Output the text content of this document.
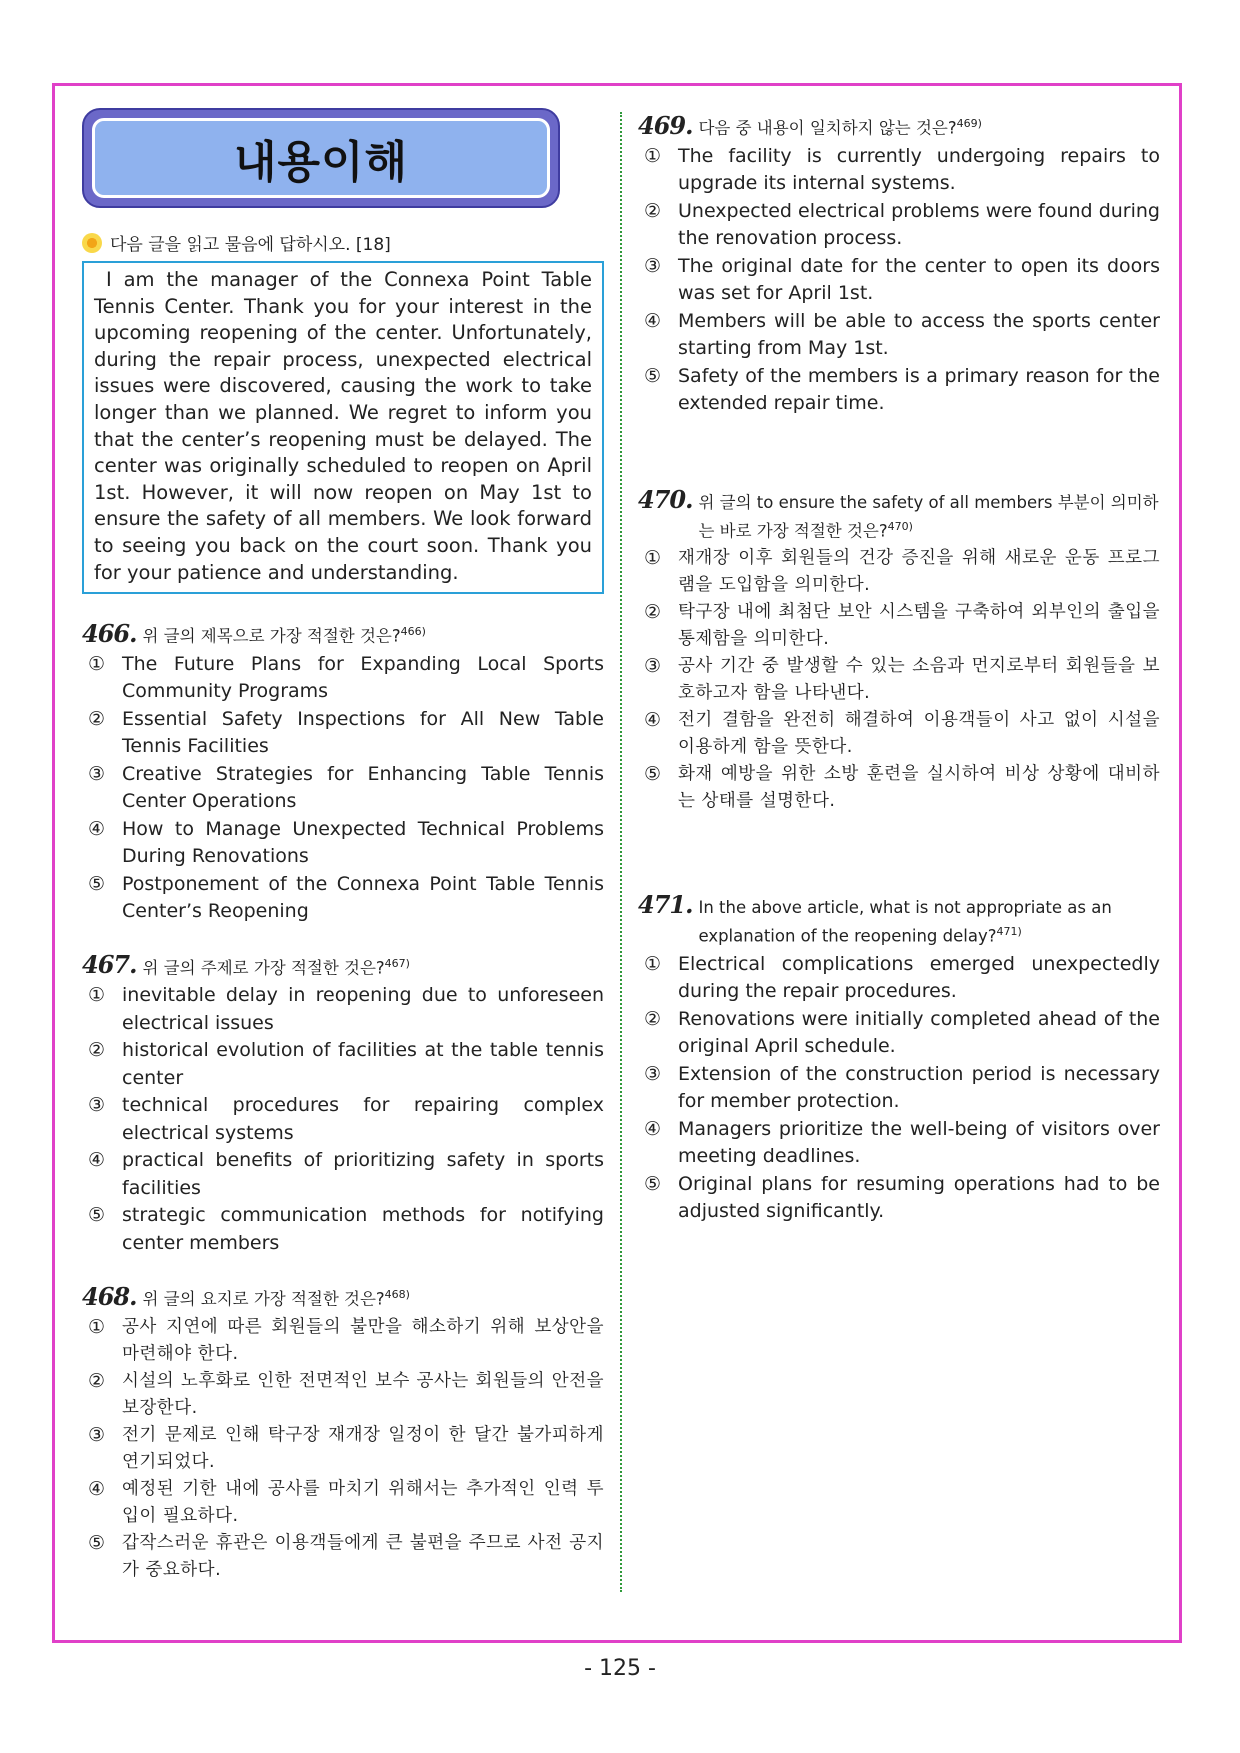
내용이해
다음 글을 읽고 물음에 답하시오. [18]
I am the manager of the Connexa Point Table Tennis Center. Thank you for your interest in the upcoming reopening of the center. Unfortunately, during the repair process, unexpected electrical issues were discovered, causing the work to take longer than we planned. We regret to inform you that the center’s reopening must be delayed. The center was originally scheduled to reopen on April 1st. However, it will now reopen on May 1st to ensure the safety of all members. We look forward to seeing you back on the court soon. Thank you for your patience and understanding.
466. 위 글의 제목으로 가장 적절한 것은?$^{466)}$
① The Future Plans for Expanding Local Sports Community Programs
② Essential Safety Inspections for All New Table Tennis Facilities
③ Creative Strategies for Enhancing Table Tennis Center Operations
④ How to Manage Unexpected Technical Problems During Renovations
⑤ Postponement of the Connexa Point Table Tennis Center’s Reopening
467. 위 글의 주제로 가장 적절한 것은?$^{467)}$
① inevitable delay in reopening due to unforeseen electrical issues
② historical evolution of facilities at the table tennis center
③ technical procedures for repairing complex electrical systems
④ practical benefits of prioritizing safety in sports facilities
⑤ strategic communication methods for notifying center members
468. 위 글의 요지로 가장 적절한 것은?$^{468)}$
① 공사 지연에 따른 회원들의 불만을 해소하기 위해 보상안을 마련해야 한다.
② 시설의 노후화로 인한 전면적인 보수 공사는 회원들의 안전을 보장한다.
③ 전기 문제로 인해 탁구장 재개장 일정이 한 달간 불가피하게 연기되었다.
④ 예정된 기한 내에 공사를 마치기 위해서는 추가적인 인력 투입이 필요하다.
⑤ 갑작스러운 휴관은 이용객들에게 큰 불편을 주므로 사전 공지가 중요하다.
469. 다음 중 내용이 일치하지 않는 것은?$^{469)}$
① The facility is currently undergoing repairs to upgrade its internal systems.
② Unexpected electrical problems were found during the renovation process.
③ The original date for the center to open its doors was set for April 1st.
④ Members will be able to access the sports center starting from May 1st.
⑤ Safety of the members is a primary reason for the extended repair time.
470. 위 글의 to ensure the safety of all members 부분이 의미하는 바로 가장 적절한 것은?$^{470)}$
① 재개장 이후 회원들의 건강 증진을 위해 새로운 운동 프로그램을 도입함을 의미한다.
② 탁구장 내에 최첨단 보안 시스템을 구축하여 외부인의 출입을 통제함을 의미한다.
③ 공사 기간 중 발생할 수 있는 소음과 먼지로부터 회원들을 보호하고자 함을 나타낸다.
④ 전기 결함을 완전히 해결하여 이용객들이 사고 없이 시설을 이용하게 함을 뜻한다.
⑤ 화재 예방을 위한 소방 훈련을 실시하여 비상 상황에 대비하는 상태를 설명한다.
471. In the above article, what is not appropriate as an explanation of the reopening delay?$^{471)}$
① Electrical complications emerged unexpectedly during the repair procedures.
② Renovations were initially completed ahead of the original April schedule.
③ Extension of the construction period is necessary for member protection.
④ Managers prioritize the well-being of visitors over meeting deadlines.
⑤ Original plans for resuming operations had to be adjusted significantly.
- 125 -
